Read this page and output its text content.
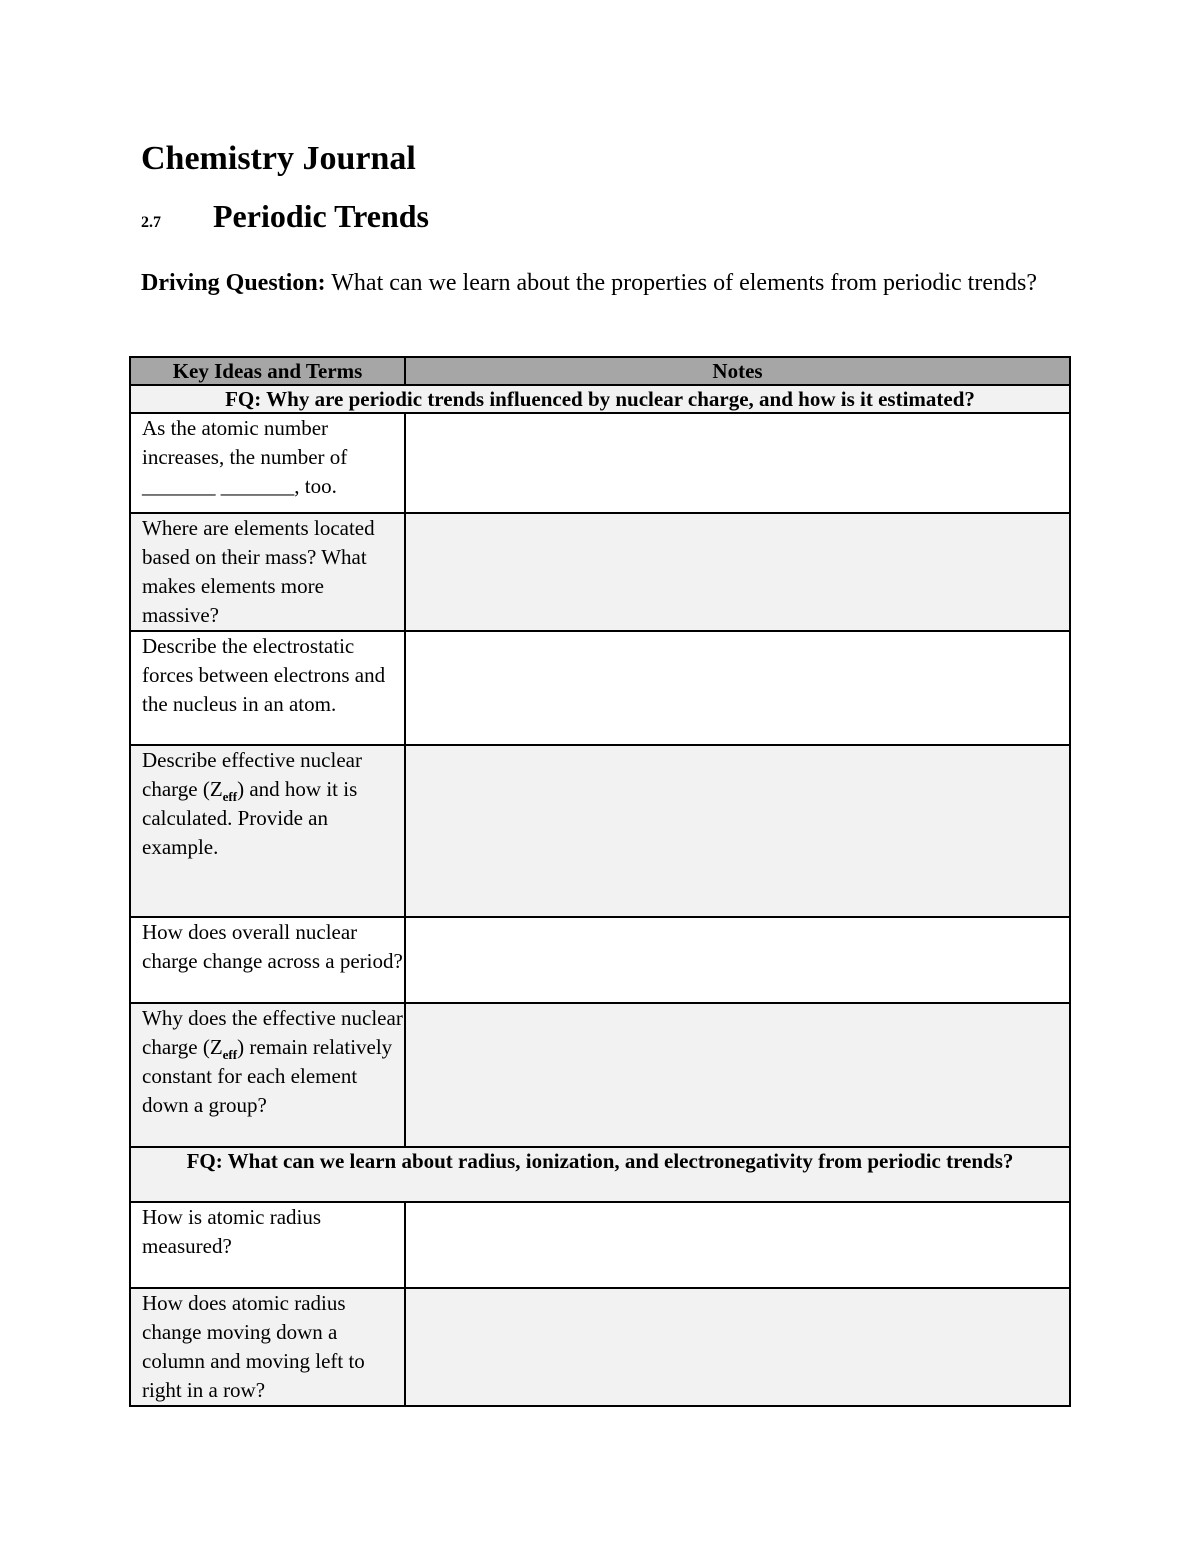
Chemistry Journal
2.7 Periodic Trends
Driving Question: What can we learn about the properties of elements from periodic trends?
Key Ideas and Terms	Notes
FQ: Why are periodic trends influenced by nuclear charge, and how is it estimated?	
As the atomic number increases, the number of _______ _______, too.	
Where are elements located based on their mass? What makes elements more massive?	
Describe the electrostatic forces between electrons and the nucleus in an atom.	
Describe effective nuclear charge $(Z_{eff})$ and how it is calculated. Provide an example.	
How does overall nuclear charge change across a period?	
Why does the effective nuclear charge $(Z_{eff})$ remain relatively constant for each element down a group?	
FQ: What can we learn about radius, ionization, and electronegativity from periodic trends?	
How is atomic radius measured?	
How does atomic radius change moving down a column and moving left to right in a row?	
